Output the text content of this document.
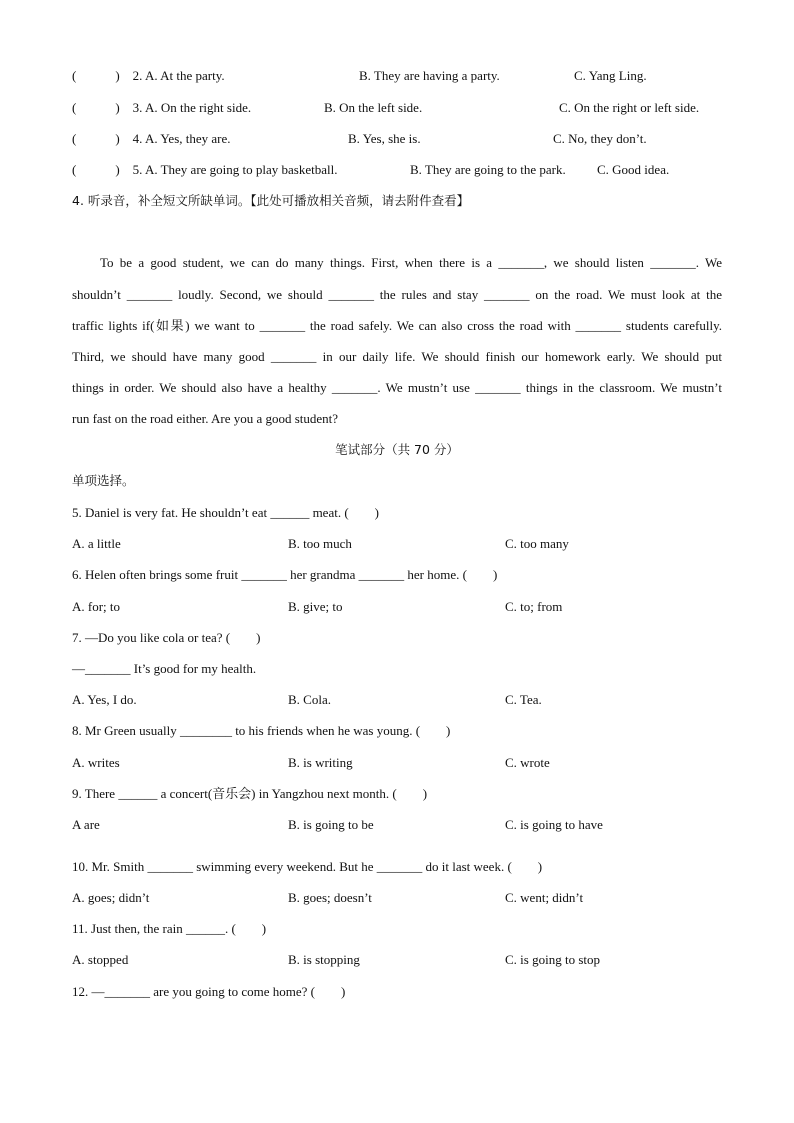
(　　　)　2. A. At the party.	B. They are having a party.	C. Yang Ling.
(　　　)　3. A. On the right side.	B. On the left side.	C. On the right or left side.
(　　　)　4. A. Yes, they are.	B. Yes, she is.	C. No, they don’t.
(　　　)　5. A. They are going to play basketball.	B. They are going to the park. C. Good idea.
4. 听录音，补全短文所缺单词。【此处可播放相关音频，请去附件查看】
To be a good student, we can do many things. First, when there is a _______, we should listen _______. We
shouldn’t _______ loudly. Second, we should _______ the rules and stay _______ on the road. We must look at the
traffic lights if(如果) we want to _______ the road safely. We can also cross the road with _______ students carefully.
Third, we should have many good _______ in our daily life. We should finish our homework early. We should put
things in order. We should also have a healthy _______. We mustn’t use _______ things in the classroom. We mustn’t
run fast on the road either. Are you a good student?
笔试部分（共 70 分）
单项选择。
5. Daniel is very fat. He shouldn’t eat ______ meat. (　　)
A. a little	B. too much	C. too many
6. Helen often brings some fruit _______ her grandma _______ her home. (　　)
A. for; to	B. give; to	C. to; from
7. —Do you like cola or tea? (　　)
—_______ It’s good for my health.
A. Yes, I do.	B. Cola.	C. Tea.
8. Mr Green usually ________ to his friends when he was young. (　　)
A. writes	B. is writing	C. wrote
9. There ______ a concert(音乐会) in Yangzhou next month. (　　)
A are	B. is going to be	C. is going to have
10. Mr. Smith _______ swimming every weekend. But he _______ do it last week. (　　)
A. goes; didn’t	B. goes; doesn’t	C. went; didn’t
11. Just then, the rain ______. (　　)
A. stopped	B. is stopping	C. is going to stop
12. —_______ are you going to come home? (　　)
